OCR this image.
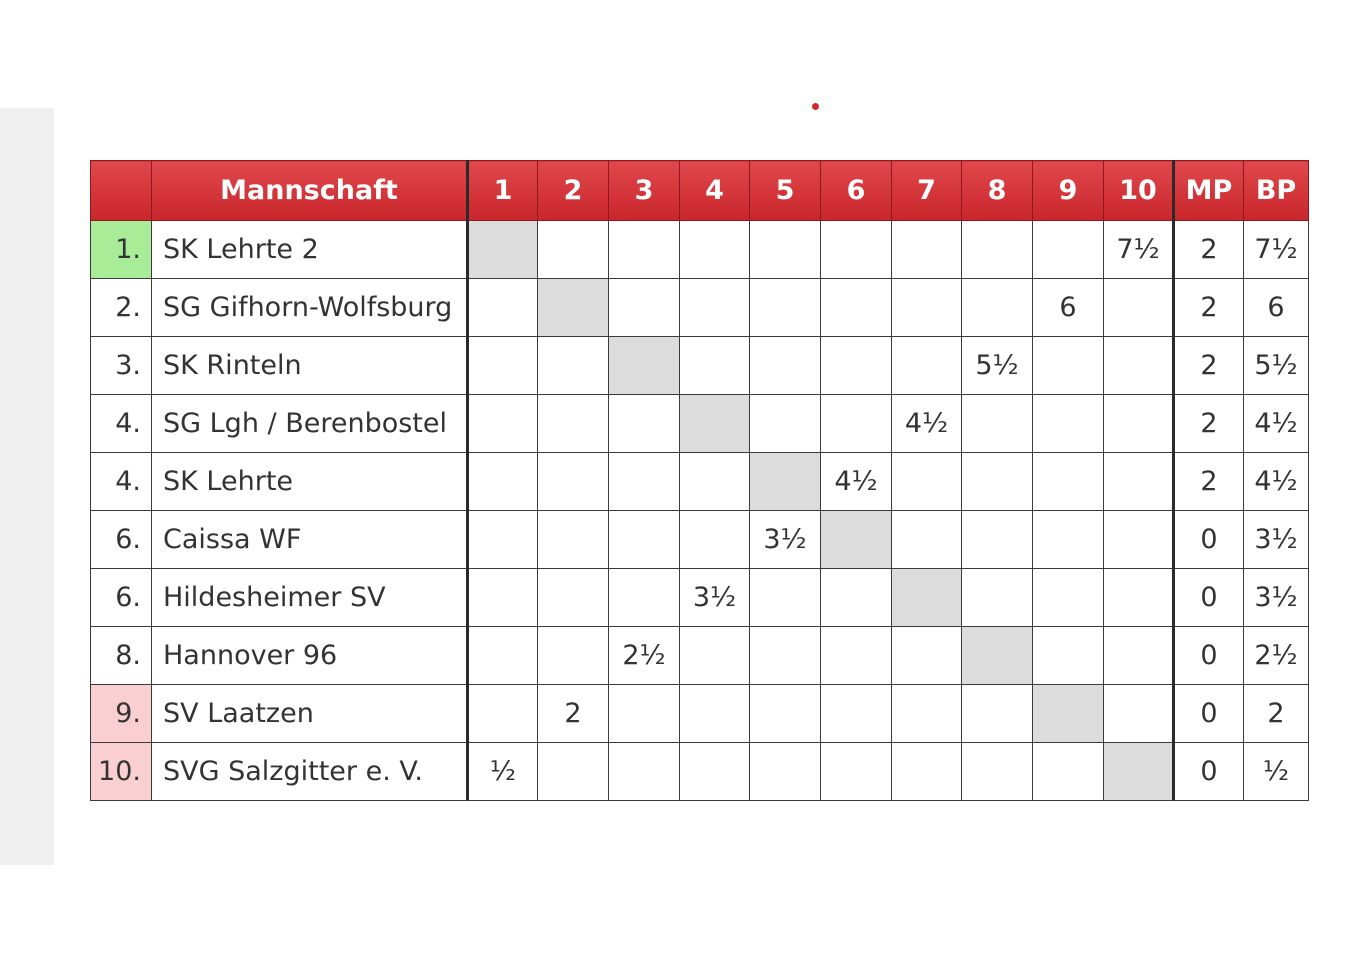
	Mannschaft	1	2	3	4	5	6	7	8	9	10	MP	BP
1.	SK Lehrte 2										7½	2	7½
2.	SG Gifhorn-Wolfsburg									6		2	6
3.	SK Rinteln								5½			2	5½
4.	SG Lgh / Berenbostel							4½				2	4½
4.	SK Lehrte						4½					2	4½
6.	Caissa WF					3½						0	3½
6.	Hildesheimer SV				3½							0	3½
8.	Hannover 96			2½								0	2½
9.	SV Laatzen		2									0	2
10.	SVG Salzgitter e. V.	½										0	½
